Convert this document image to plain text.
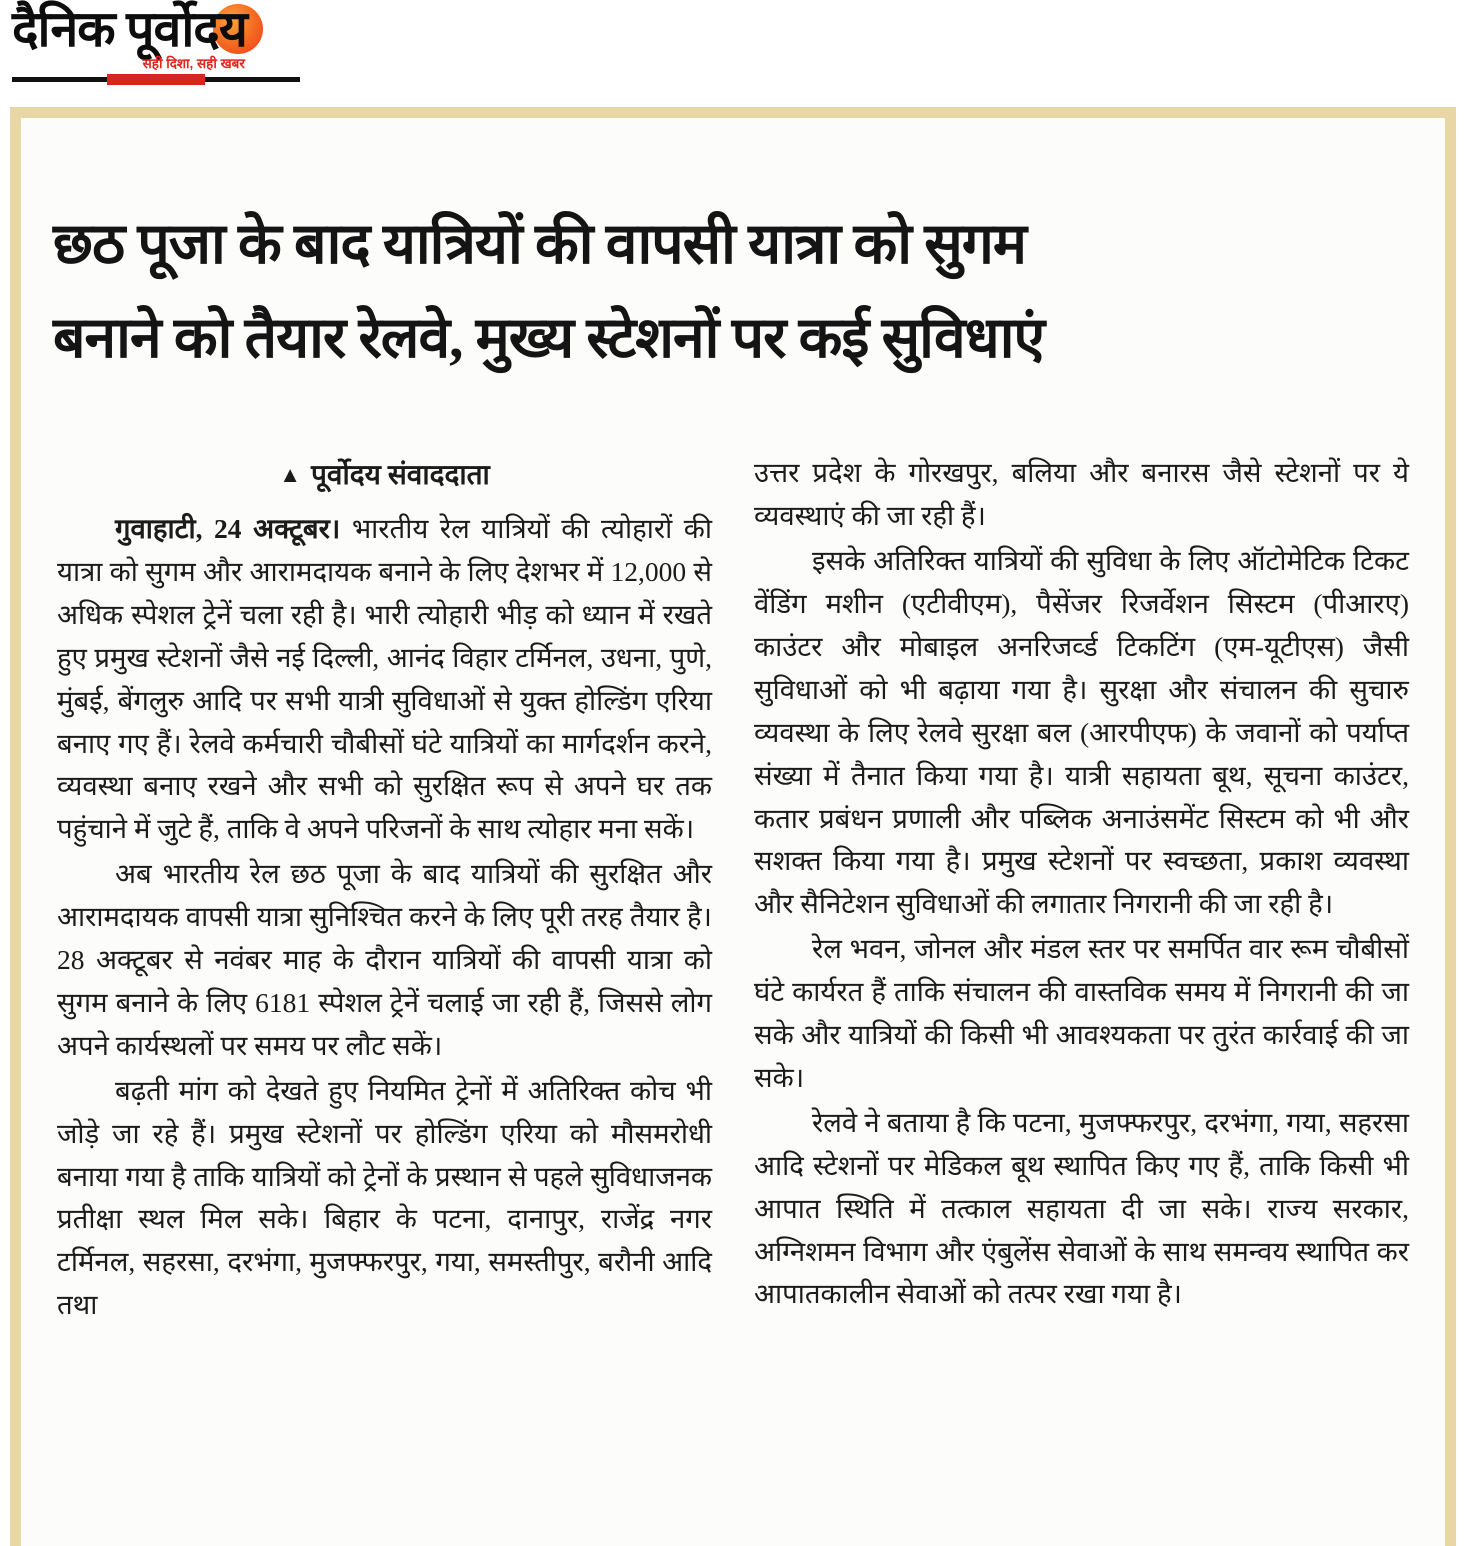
दैनिक पूर्वोदय
सही दिशा, सही खबर
छठ पूजा के बाद यात्रियों की वापसी यात्रा को सुगम
बनाने को तैयार रेलवे, मुख्य स्टेशनों पर कई सुविधाएं
▲ पूर्वोदय संवाददाता

गुवाहाटी, 24 अक्टूबर। भारतीय रेल यात्रियों की त्योहारों की यात्रा को सुगम और आरामदायक बनाने के लिए देशभर में 12,000 से अधिक स्पेशल ट्रेनें चला रही है। भारी त्योहारी भीड़ को ध्यान में रखते हुए प्रमुख स्टेशनों जैसे नई दिल्ली, आनंद विहार टर्मिनल, उधना, पुणे, मुंबई, बेंगलुरु आदि पर सभी यात्री सुविधाओं से युक्त होल्डिंग एरिया बनाए गए हैं। रेलवे कर्मचारी चौबीसों घंटे यात्रियों का मार्गदर्शन करने, व्यवस्था बनाए रखने और सभी को सुरक्षित रूप से अपने घर तक पहुंचाने में जुटे हैं, ताकि वे अपने परिजनों के साथ त्योहार मना सकें।

अब भारतीय रेल छठ पूजा के बाद यात्रियों की सुरक्षित और आरामदायक वापसी यात्रा सुनिश्चित करने के लिए पूरी तरह तैयार है। 28 अक्टूबर से नवंबर माह के दौरान यात्रियों की वापसी यात्रा को सुगम बनाने के लिए 6181 स्पेशल ट्रेनें चलाई जा रही हैं, जिससे लोग अपने कार्यस्थलों पर समय पर लौट सकें।

बढ़ती मांग को देखते हुए नियमित ट्रेनों में अतिरिक्त कोच भी जोड़े जा रहे हैं। प्रमुख स्टेशनों पर होल्डिंग एरिया को मौसमरोधी बनाया गया है ताकि यात्रियों को ट्रेनों के प्रस्थान से पहले सुविधाजनक प्रतीक्षा स्थल मिल सके। बिहार के पटना, दानापुर, राजेंद्र नगर टर्मिनल, सहरसा, दरभंगा, मुजफ्फरपुर, गया, समस्तीपुर, बरौनी आदि तथा

उत्तर प्रदेश के गोरखपुर, बलिया और बनारस जैसे स्टेशनों पर ये व्यवस्थाएं की जा रही हैं।

इसके अतिरिक्त यात्रियों की सुविधा के लिए ऑटोमेटिक टिकट वेंडिंग मशीन (एटीवीएम), पैसेंजर रिजर्वेशन सिस्टम (पीआरए) काउंटर और मोबाइल अनरिजर्व्ड टिकटिंग (एम-यूटीएस) जैसी सुविधाओं को भी बढ़ाया गया है। सुरक्षा और संचालन की सुचारु व्यवस्था के लिए रेलवे सुरक्षा बल (आरपीएफ) के जवानों को पर्याप्त संख्या में तैनात किया गया है। यात्री सहायता बूथ, सूचना काउंटर, कतार प्रबंधन प्रणाली और पब्लिक अनाउंसमेंट सिस्टम को भी और सशक्त किया गया है। प्रमुख स्टेशनों पर स्वच्छता, प्रकाश व्यवस्था और सैनिटेशन सुविधाओं की लगातार निगरानी की जा रही है।

रेल भवन, जोनल और मंडल स्तर पर समर्पित वार रूम चौबीसों घंटे कार्यरत हैं ताकि संचालन की वास्तविक समय में निगरानी की जा सके और यात्रियों की किसी भी आवश्यकता पर तुरंत कार्रवाई की जा सके।

रेलवे ने बताया है कि पटना, मुजफ्फरपुर, दरभंगा, गया, सहरसा आदि स्टेशनों पर मेडिकल बूथ स्थापित किए गए हैं, ताकि किसी भी आपात स्थिति में तत्काल सहायता दी जा सके। राज्य सरकार, अग्निशमन विभाग और एंबुलेंस सेवाओं के साथ समन्वय स्थापित कर आपातकालीन सेवाओं को तत्पर रखा गया है।
